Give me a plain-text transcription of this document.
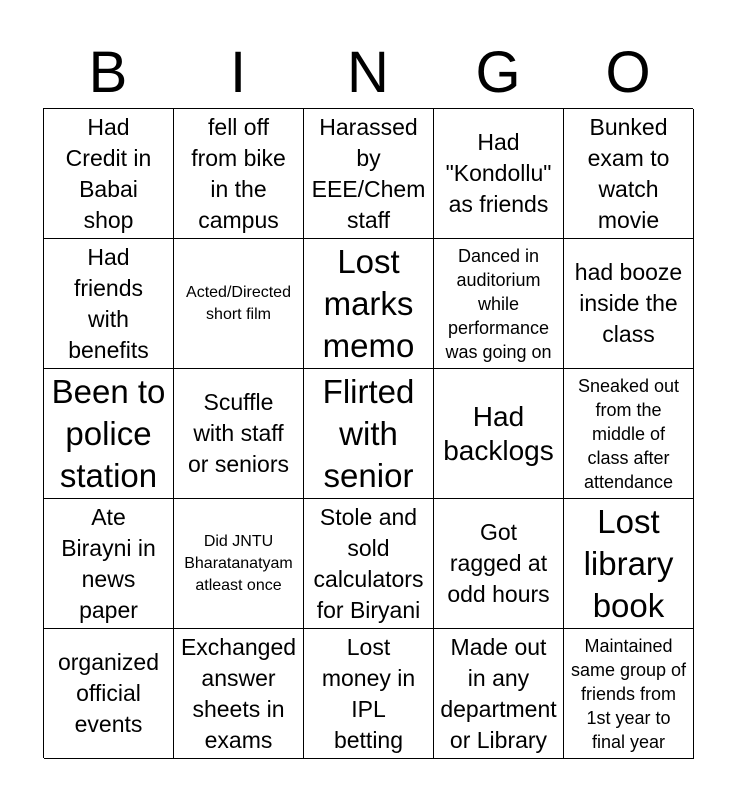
B	I	N	G	O
Had
Credit in
Babai
shop
fell off
from bike
in the
campus
Harassed
by
EEE/Chem
staff
Had
"Kondollu"
as friends
Bunked
exam to
watch
movie
Had
friends
with
benefits
Acted/Directed
short film
Lost
marks
memo
Danced in
auditorium
while
performance
was going on
had booze
inside the
class
Been to
police
station
Scuffle
with staff
or seniors
Flirted
with
senior
Had
backlogs
Sneaked out
from the
middle of
class after
attendance
Ate
Birayni in
news
paper
Did JNTU
Bharatanatyam
atleast once
Stole and
sold
calculators
for Biryani
Got
ragged at
odd hours
Lost
library
book
organized
official
events
Exchanged
answer
sheets in
exams
Lost
money in
IPL
betting
Made out
in any
department
or Library
Maintained
same group of
friends from
1st year to
final year
